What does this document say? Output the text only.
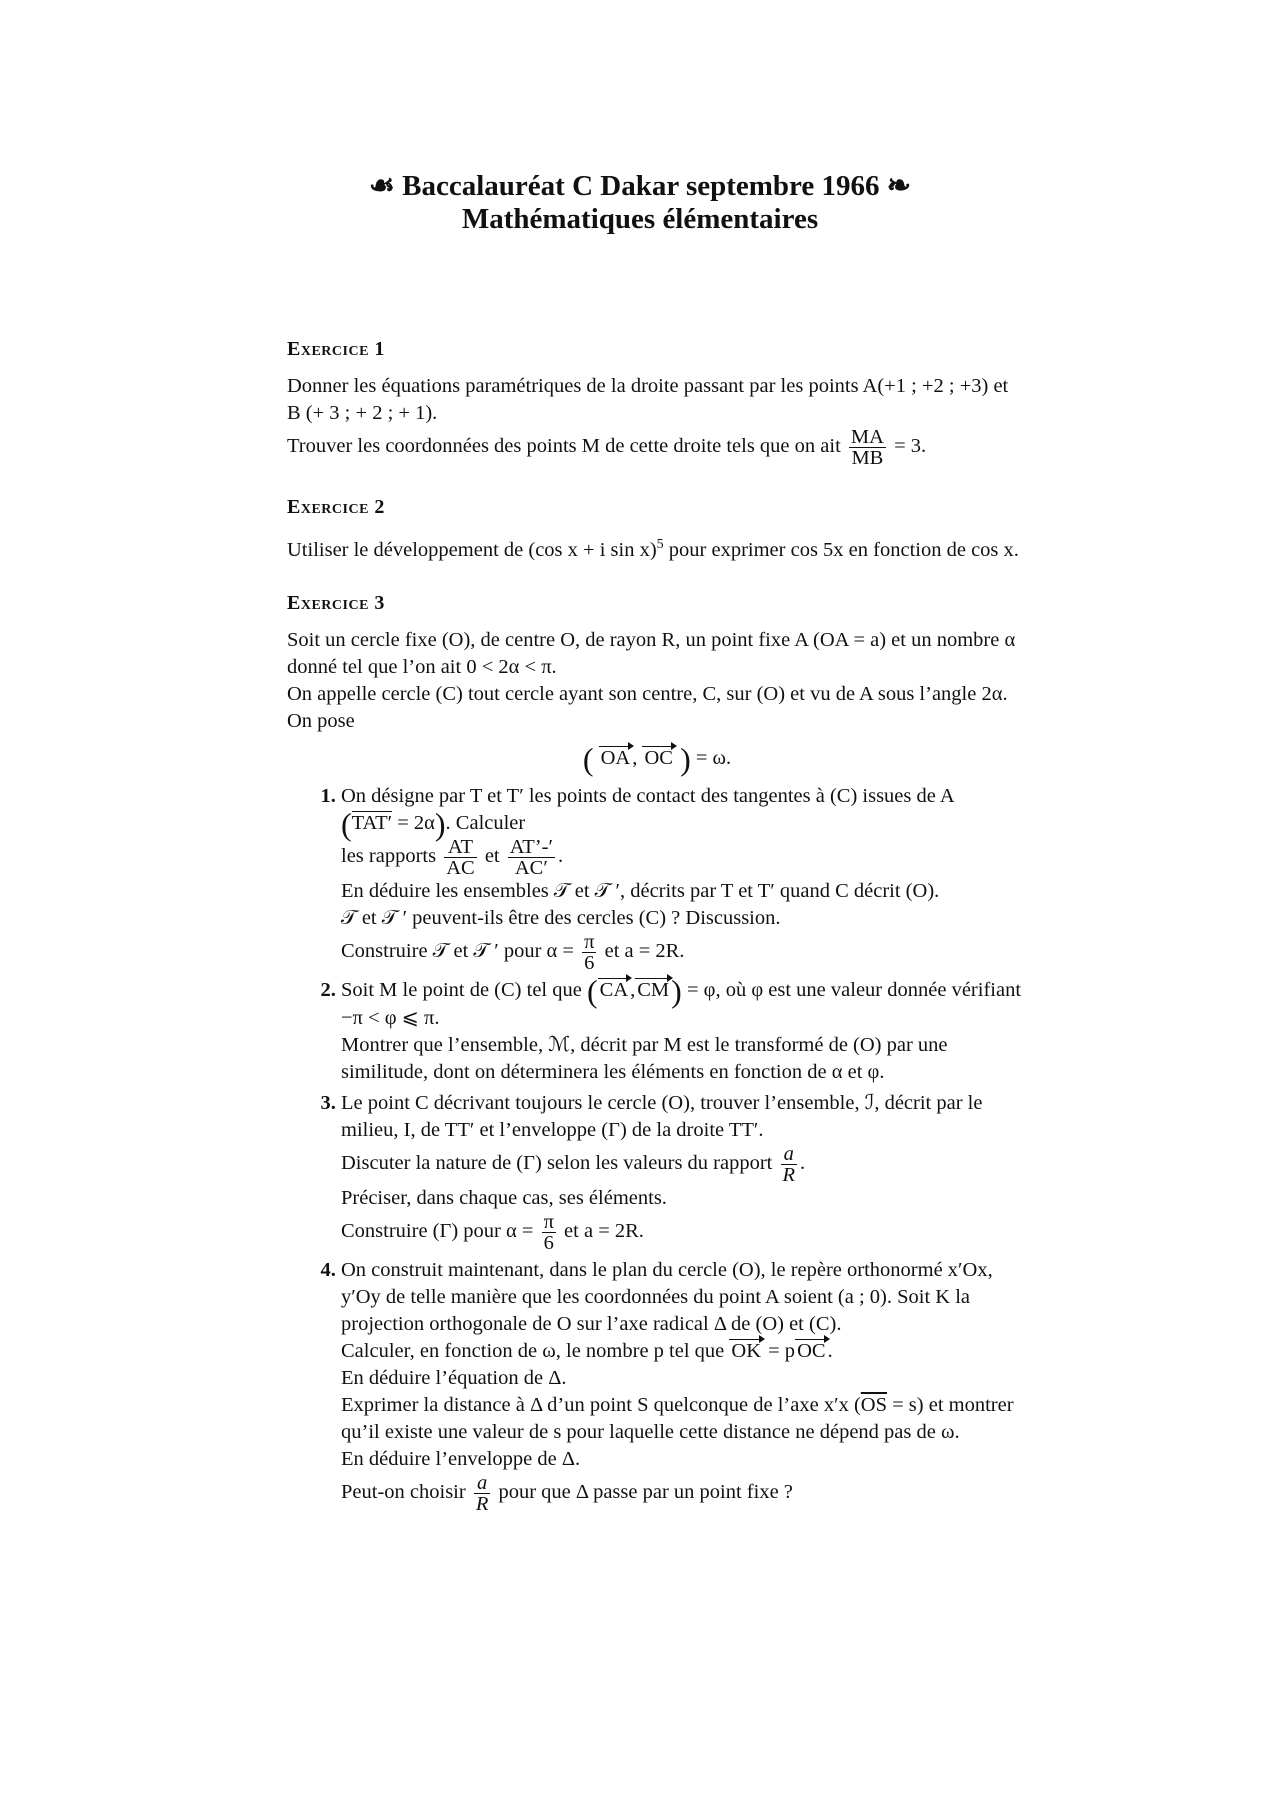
☙ Baccalauréat C Dakar septembre 1966 ❧
Mathématiques élémentaires
Exercice 1

Donner les équations paramétriques de la droite passant par les points A(+1 ; +2 ; +3) et B (+ 3 ; + 2 ; + 1).

Trouver les coordonnées des points M de cette droite tels que on ait $\frac{MA}{MB} = 3$.

Exercice 2

Utiliser le développement de (cos x + i sin x)$^5$ pour exprimer cos 5x en fonction de cos x.

Exercice 3

Soit un cercle fixe (O), de centre O, de rayon R, un point fixe A (OA = a) et un nombre α donné tel que l’on ait 0 < 2α < π.

On appelle cercle (C) tout cercle ayant son centre, C, sur (O) et vu de A sous l’angle 2α. On pose

( OA, OC ) = ω.

1. On désigne par T et T′ les points de contact des tangentes à (C) issues de A

(TAT′ = 2α). Calculer

les rapports $\frac{AT}{AC}$ et $\frac{AT’-'}{AC'}$ .

En déduire les ensembles 𝒯 et 𝒯 ′, décrits par T et T′ quand C décrit (O).

𝒯 et 𝒯 ′ peuvent-ils être des cercles (C) ? Discussion.

Construire 𝒯 et 𝒯 ′ pour $\alpha = \frac{\pi}{6}$ et a = 2R.

2. Soit M le point de (C) tel que (CA,CM) = φ, où φ est une valeur donnée vérifiant −π < φ ⩽ π.

Montrer que l’ensemble, ℳ, décrit par M est le transformé de (O) par une similitude, dont on déterminera les éléments en fonction de α et φ.

3. Le point C décrivant toujours le cercle (O), trouver l’ensemble, ℐ, décrit par le milieu, I, de TT′ et l’enveloppe (Γ) de la droite TT′.

Discuter la nature de (Γ) selon les valeurs du rapport $\frac{a}{R}$ .

Préciser, dans chaque cas, ses éléments.

Construire (Γ) pour $\alpha = \frac{\pi}{6}$ et a = 2R.

4. On construit maintenant, dans le plan du cercle (O), le repère orthonormé x′Ox, y′Oy de telle manière que les coordonnées du point A soient (a ; 0). Soit K la projection orthogonale de O sur l’axe radical Δ de (O) et (C).

Calculer, en fonction de ω, le nombre p tel que OK = pOC.

En déduire l’équation de Δ.

Exprimer la distance à Δ d’un point S quelconque de l’axe x′x $(\overline{OS} = s)$ et montrer qu’il existe une valeur de s pour laquelle cette distance ne dépend pas de ω.

En déduire l’enveloppe de Δ.

Peut-on choisir $\frac{a}{R}$ pour que Δ passe par un point fixe ?
